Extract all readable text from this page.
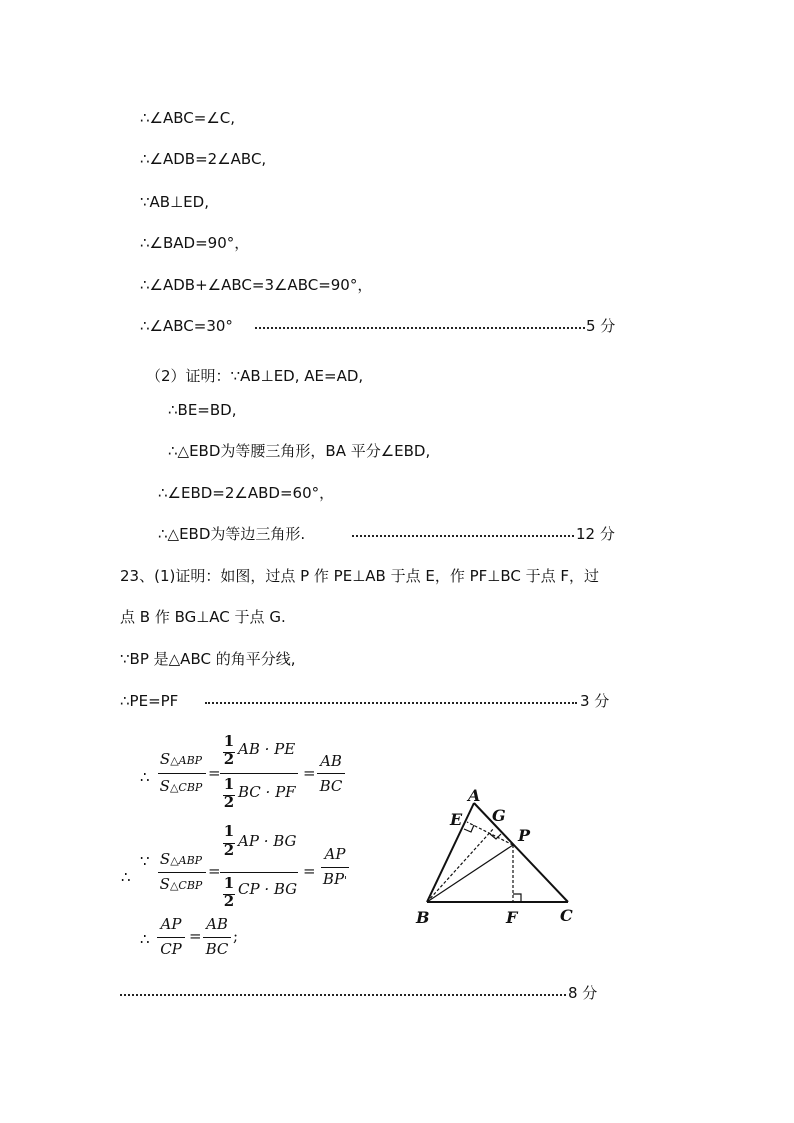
∴∠ABC=∠C,
∴∠ADB=2∠ABC,
∵AB⊥ED,
∴∠BAD=90°，
∴∠ADB+∠ABC=3∠ABC=90°，
∴∠ABC=30°	5 分
（2）证明：∵AB⊥ED, AE=AD,
∴BE=BD,
∴△EBD为等腰三角形，BA 平分∠EBD,
∴∠EBD=2∠ABD=60°，
∴△EBD为等边三角形.	12 分
23、(1)证明：如图，过点 P 作 PE⊥AB 于点 E，作 PF⊥BC 于点 F，过
点 B 作 BG⊥AC 于点 G.
∵BP 是△ABC 的角平分线,
∴PE=PF	3 分
∴
S△ABP
S△CBP
=
1
2
AB · PE
1
2
BC · PF
=
AB
BC
∴
∵ S△ABP
S△CBP
=
1
2 AP · BG
1
2
CP · BG
=
AP
BP'
∴
AP
CP
=
AB
BC
;
8 分
A
E G
P
B	F	C
